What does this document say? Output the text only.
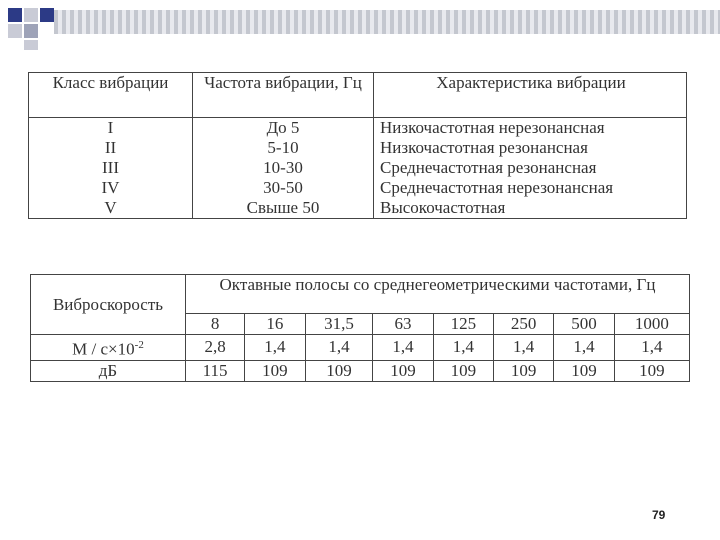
Класс вибрации	Частота вибрации, Гц	Характеристика вибрации
I	До 5	Низкочастотная нерезонансная
II	5-10	Низкочастотная резонансная
III	10-30	Среднечастотная резонансная
IV	30-50	Среднечастотная нерезонансная
V	Свыше 50	Высокочастотная
Виброскорость	Октавные полосы со среднегеометрическими частотами, Гц							
	8	16	31,5	63	125	250	500	1000
$М / с\times 10^{-2}$	2,8	1,4	1,4	1,4	1,4	1,4	1,4	1,4
дБ	115	109	109	109	109	109	109	109
79
